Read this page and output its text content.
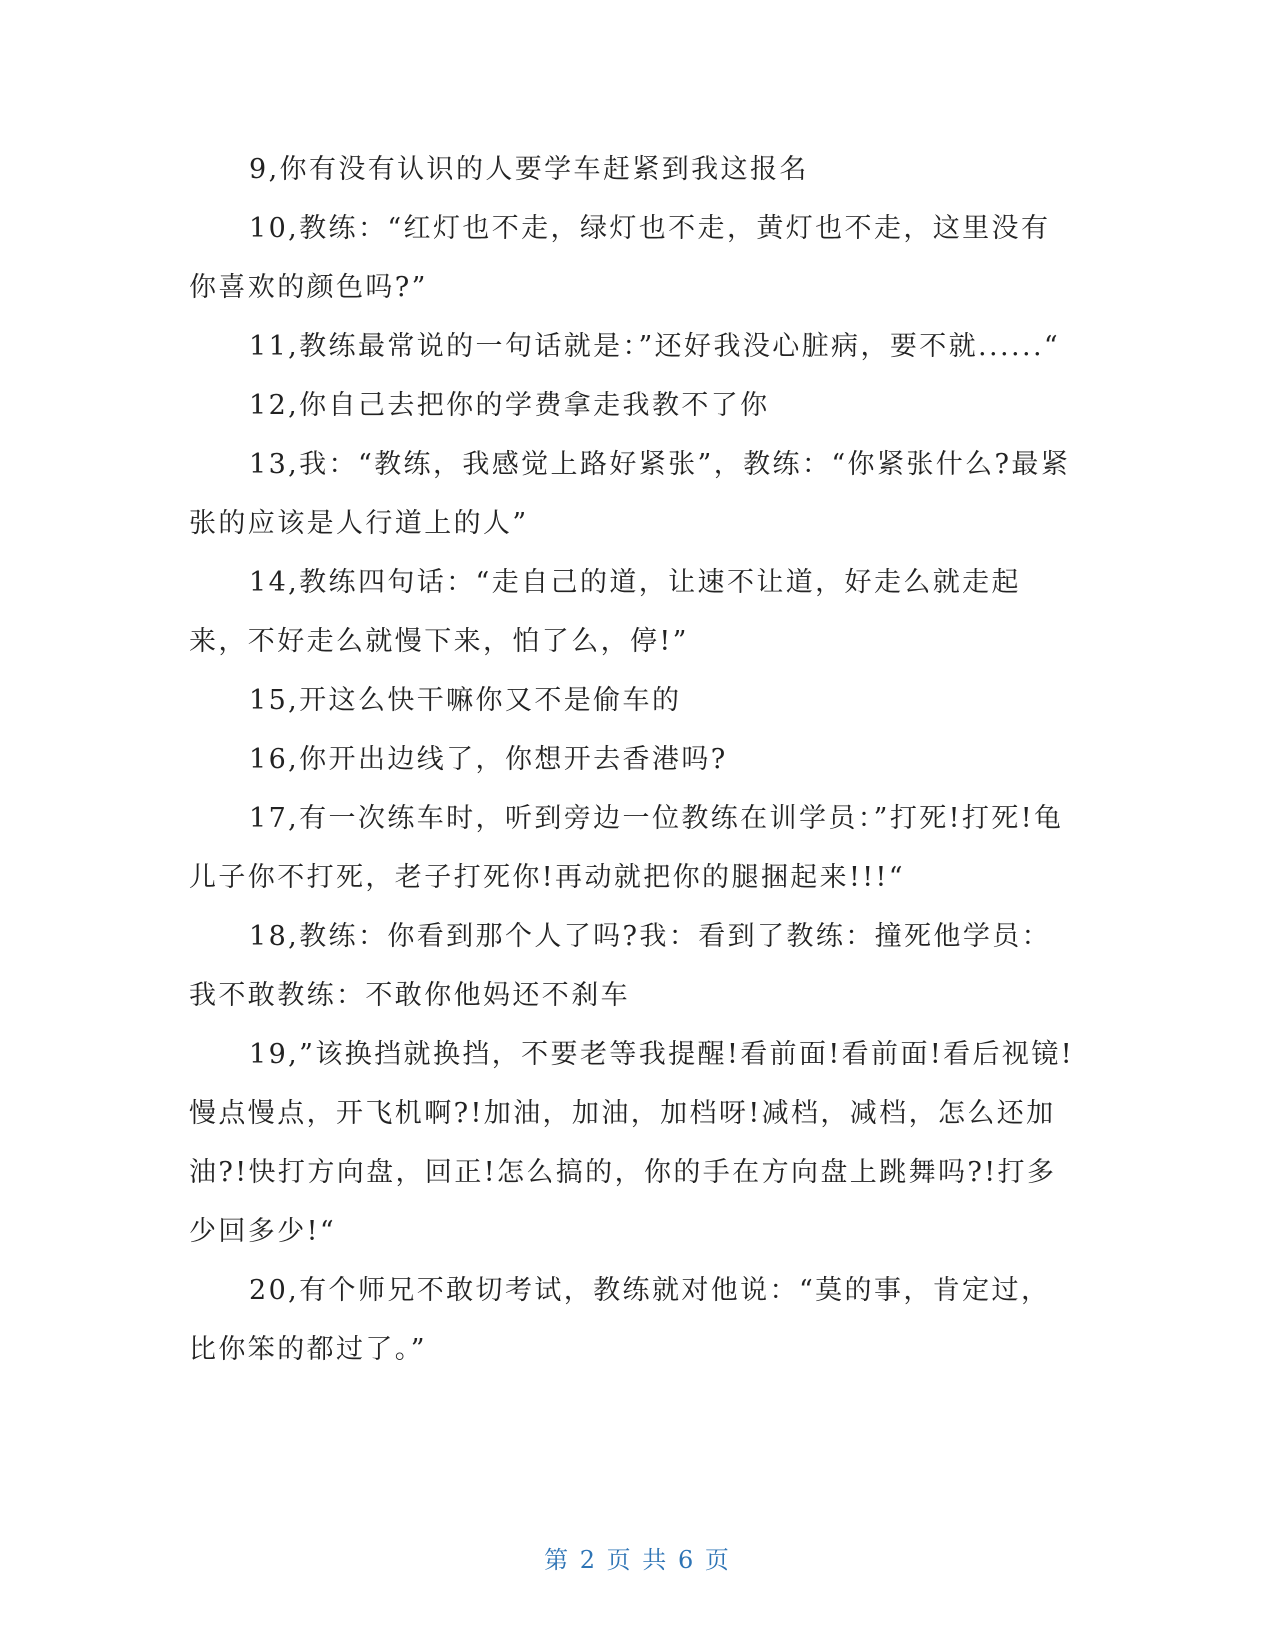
9,你有没有认识的人要学车赶紧到我这报名

10,教练：“红灯也不走，绿灯也不走，黄灯也不走，这里没有你喜欢的颜色吗?”

11,教练最常说的一句话就是：”还好我没心脏病，要不就......“

12,你自己去把你的学费拿走我教不了你

13,我：“教练，我感觉上路好紧张”，教练：“你紧张什么?最紧张的应该是人行道上的人”

14,教练四句话：“走自己的道，让速不让道，好走么就走起来，不好走么就慢下来，怕了么，停!”

15,开这么快干嘛你又不是偷车的

16,你开出边线了，你想开去香港吗?

17,有一次练车时，听到旁边一位教练在训学员：”打死!打死!龟儿子你不打死，老子打死你!再动就把你的腿捆起来!!!“

18,教练：你看到那个人了吗?我：看到了教练：撞死他学员：我不敢教练：不敢你他妈还不刹车

19,”该换挡就换挡，不要老等我提醒!看前面!看前面!看后视镜!慢点慢点，开飞机啊?!加油，加油，加档呀!减档，减档，怎么还加油?!快打方向盘，回正!怎么搞的，你的手在方向盘上跳舞吗?!打多少回多少!“

20,有个师兄不敢切考试，教练就对他说：“莫的事，肯定过，比你笨的都过了。”

第 2 页 共 6 页
